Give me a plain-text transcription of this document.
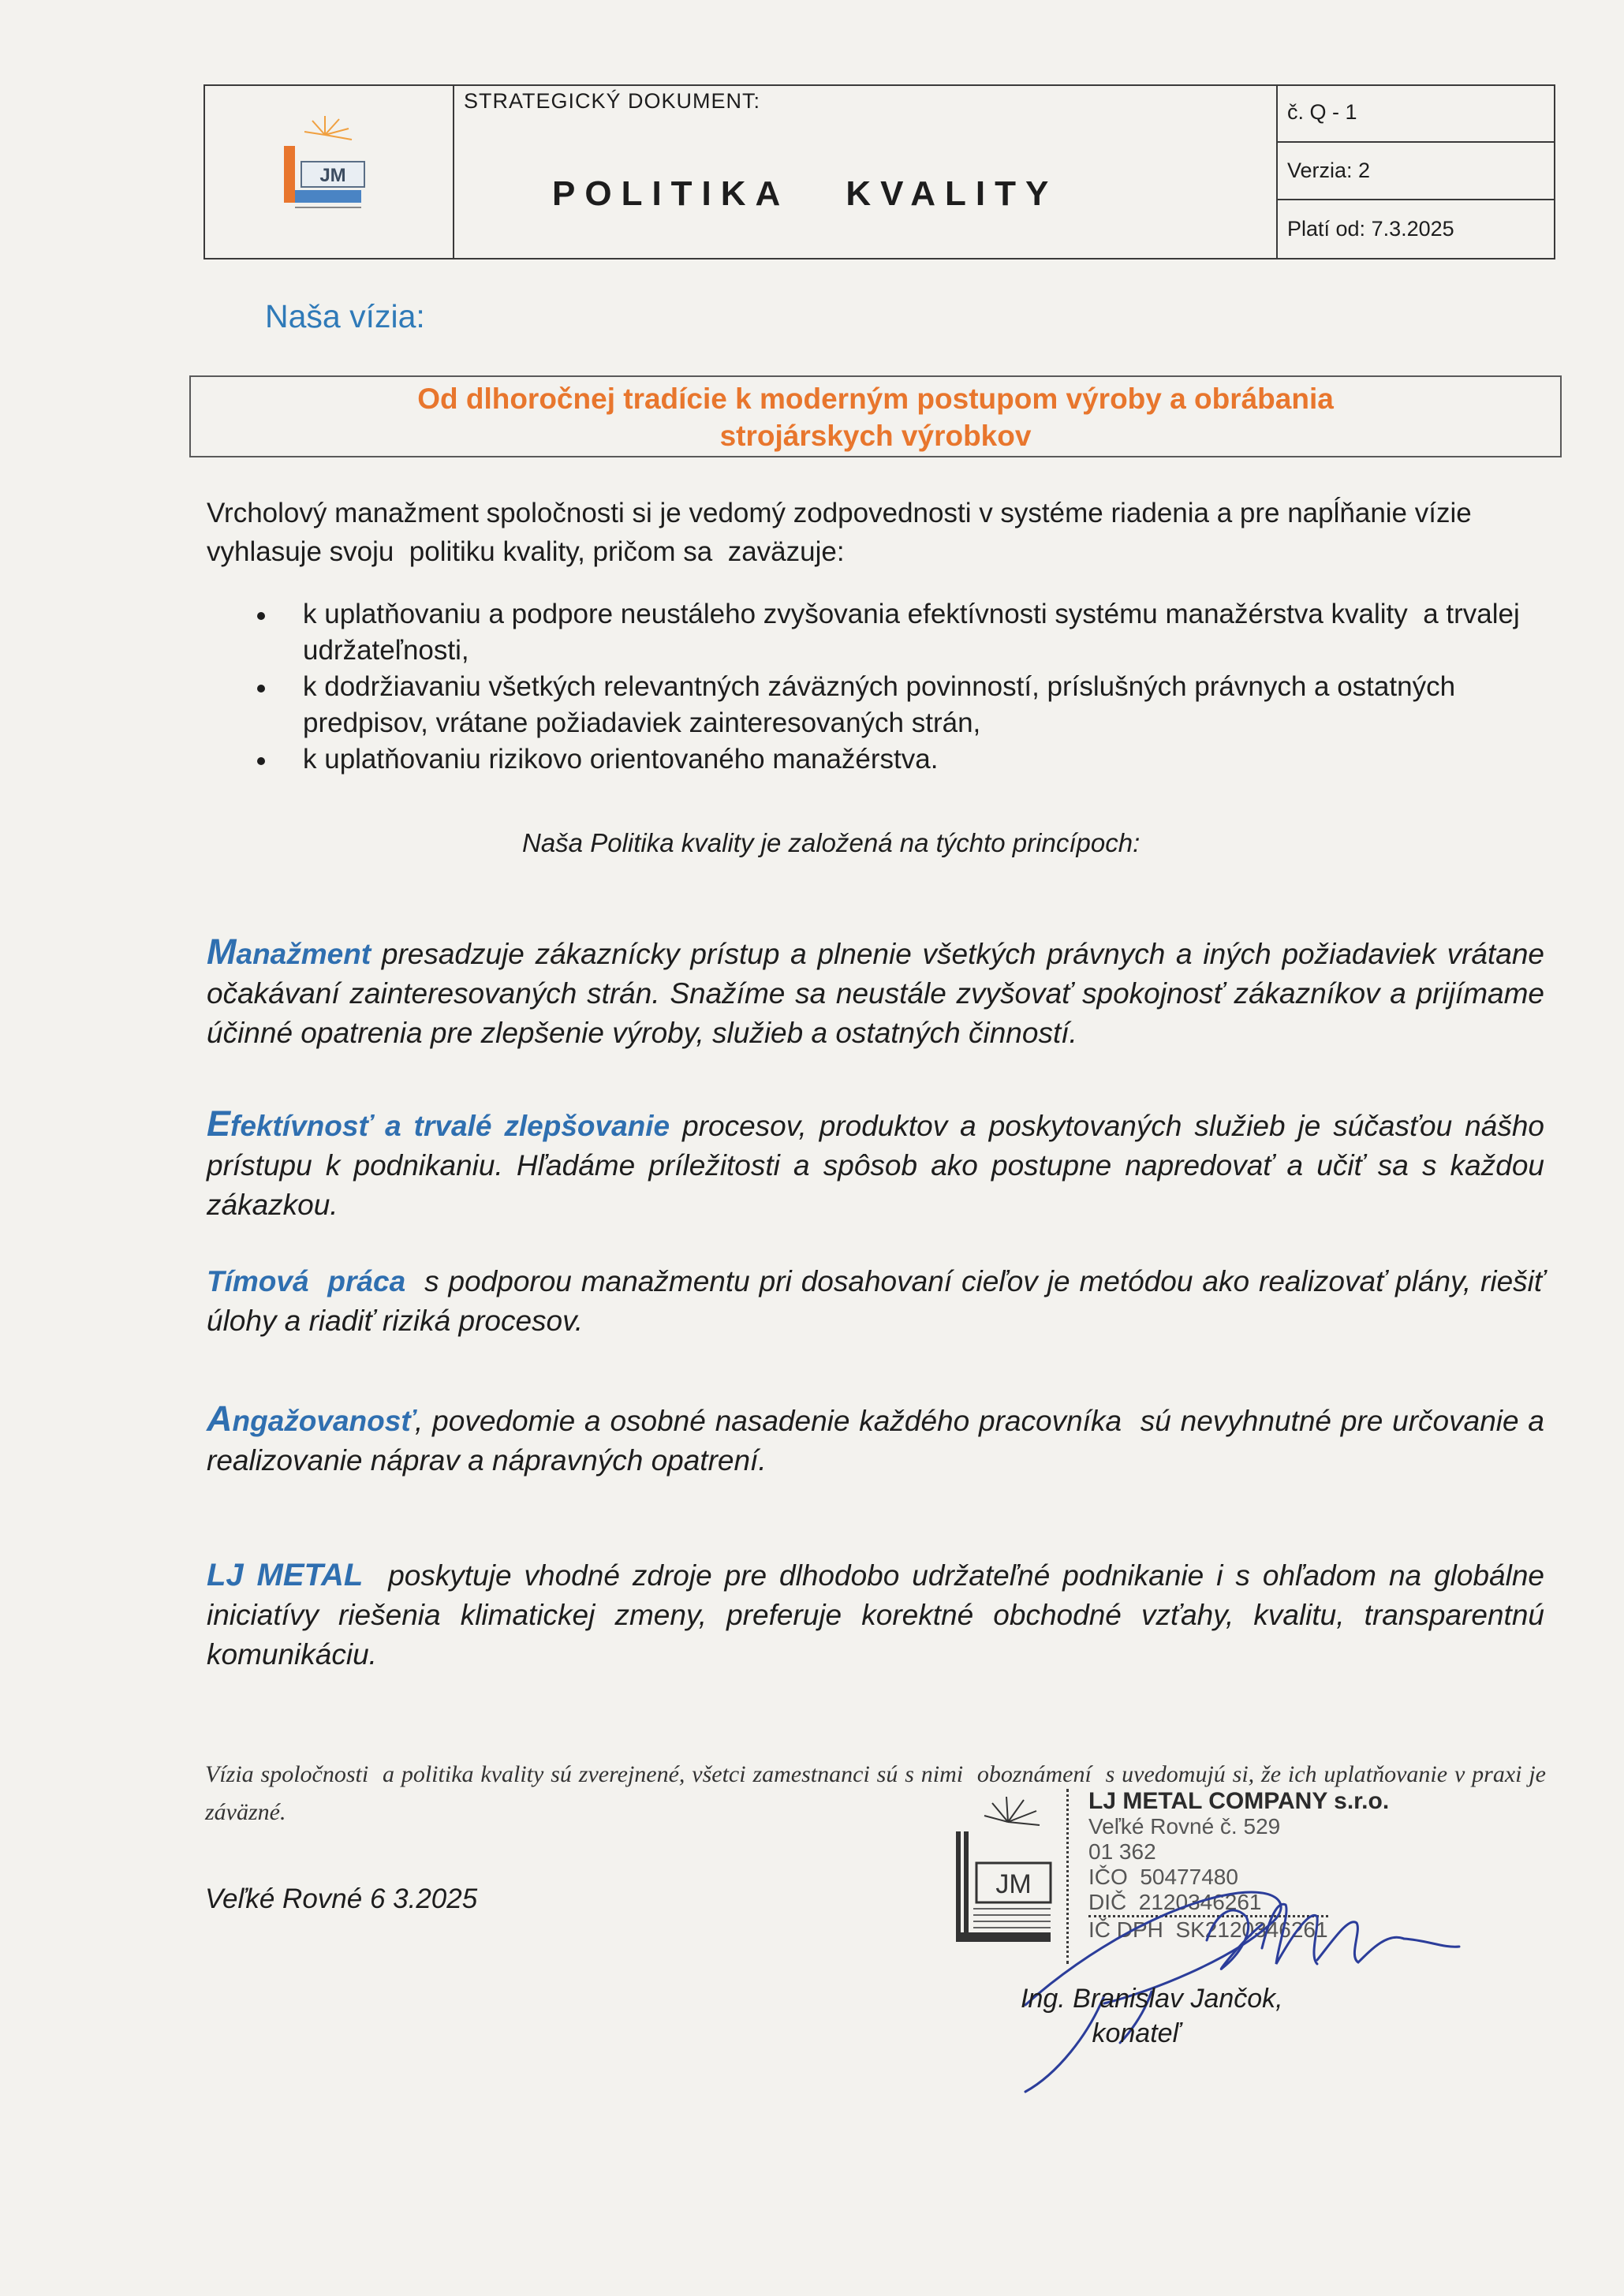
JM
STRATEGICKÝ DOKUMENT:
POLITIKA   KVALITY
č. Q - 1
Verzia: 2
Platí od: 7.3.2025
Naša vízia:
Od dlhoročnej tradície k moderným postupom výroby a obrábania
strojárskych výrobkov
Vrcholový manažment spoločnosti si je vedomý zodpovednosti v systéme riadenia a pre napĺňanie vízie vyhlasuje svoju  politiku kvality, pričom sa  zaväzuje:
k uplatňovaniu a podpore neustáleho zvyšovania efektívnosti systému manažérstva kvality  a trvalej udržateľnosti,
k dodržiavaniu všetkých relevantných záväzných povinností, príslušných právnych a ostatných predpisov, vrátane požiadaviek zainteresovaných strán,
k uplatňovaniu rizikovo orientovaného manažérstva.
Naša Politika kvality je založená na týchto princípoch:
Manažment presadzuje zákaznícky prístup a plnenie všetkých právnych a iných požiadaviek vrátane očakávaní zainteresovaných strán. Snažíme sa neustále zvyšovať spokojnosť zákazníkov a prijímame účinné opatrenia pre zlepšenie výroby, služieb a ostatných činností.
Efektívnosť a trvalé zlepšovanie procesov, produktov a poskytovaných služieb je súčasťou nášho prístupu k podnikaniu. Hľadáme príležitosti a spôsob ako postupne napredovať a učiť sa s každou zákazkou.
Tímová  práca  s podporou manažmentu pri dosahovaní cieľov je metódou ako realizovať plány, riešiť úlohy a riadiť riziká procesov.
Angažovanosť, povedomie a osobné nasadenie každého pracovníka  sú nevyhnutné pre určovanie a realizovanie náprav a nápravných opatrení.
LJ METAL  poskytuje vhodné zdroje pre dlhodobo udržateľné podnikanie i s ohľadom na globálne iniciatívy riešenia klimatickej zmeny, preferuje korektné obchodné vzťahy, kvalitu, transparentnú komunikáciu.
Vízia spoločnosti  a politika kvality sú zverejnené, všetci zamestnanci sú s nimi  oboznámení  s uvedomujú si, že ich uplatňovanie v praxi je záväzné.
Veľké Rovné 6 3.2025	JM
LJ METAL COMPANY s.r.o.
Veľké Rovné č. 529
01 362
IČO  50477480
DIČ  2120346261
IČ DPH  SK2120346261
Ing. Branislav Jančok,
konateľ
